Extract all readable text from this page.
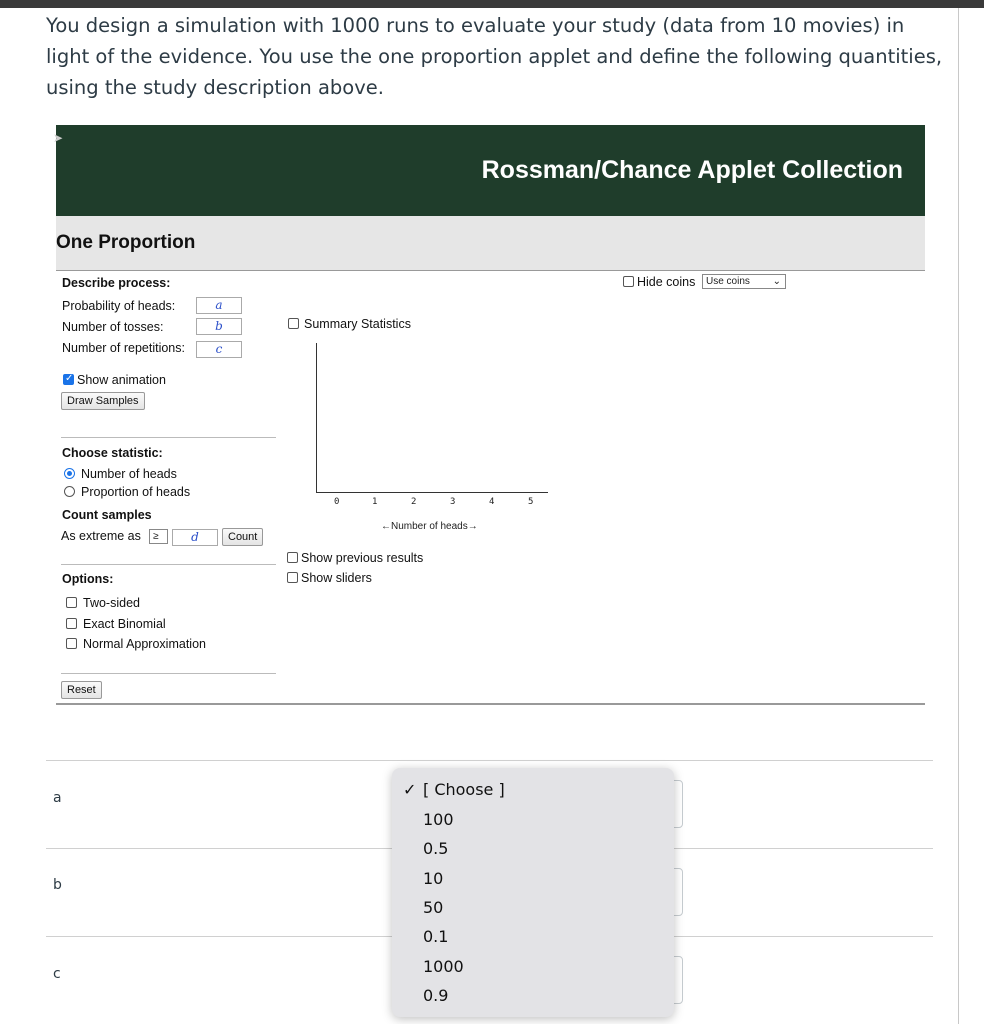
You design a simulation with 1000 runs to evaluate your study (data from 10 movies) in light of the evidence. You use the one proportion applet and define the following quantities, using the study description above.
➤
Rossman/Chance Applet Collection
One Proportion
Describe process:
Probability of heads:	a
Number of tosses:	b
Number of repetitions:	c
✓
Show animation
Draw Samples
Choose statistic:
Number of heads
Proportion of heads
Count samples
As extreme as	≥	d	Count
Options:
Two-sided
Exact Binomial
Normal Approximation
Reset
Summary Statistics
0	1	2	3	4	5
←Number of heads→
Show previous results
Show sliders
Hide coins	Use coins ⌄
a
⌄
b
⌄
c
⌄
✓ [ Choose ]
100
0.5
10
50
0.1
1000
0.9
